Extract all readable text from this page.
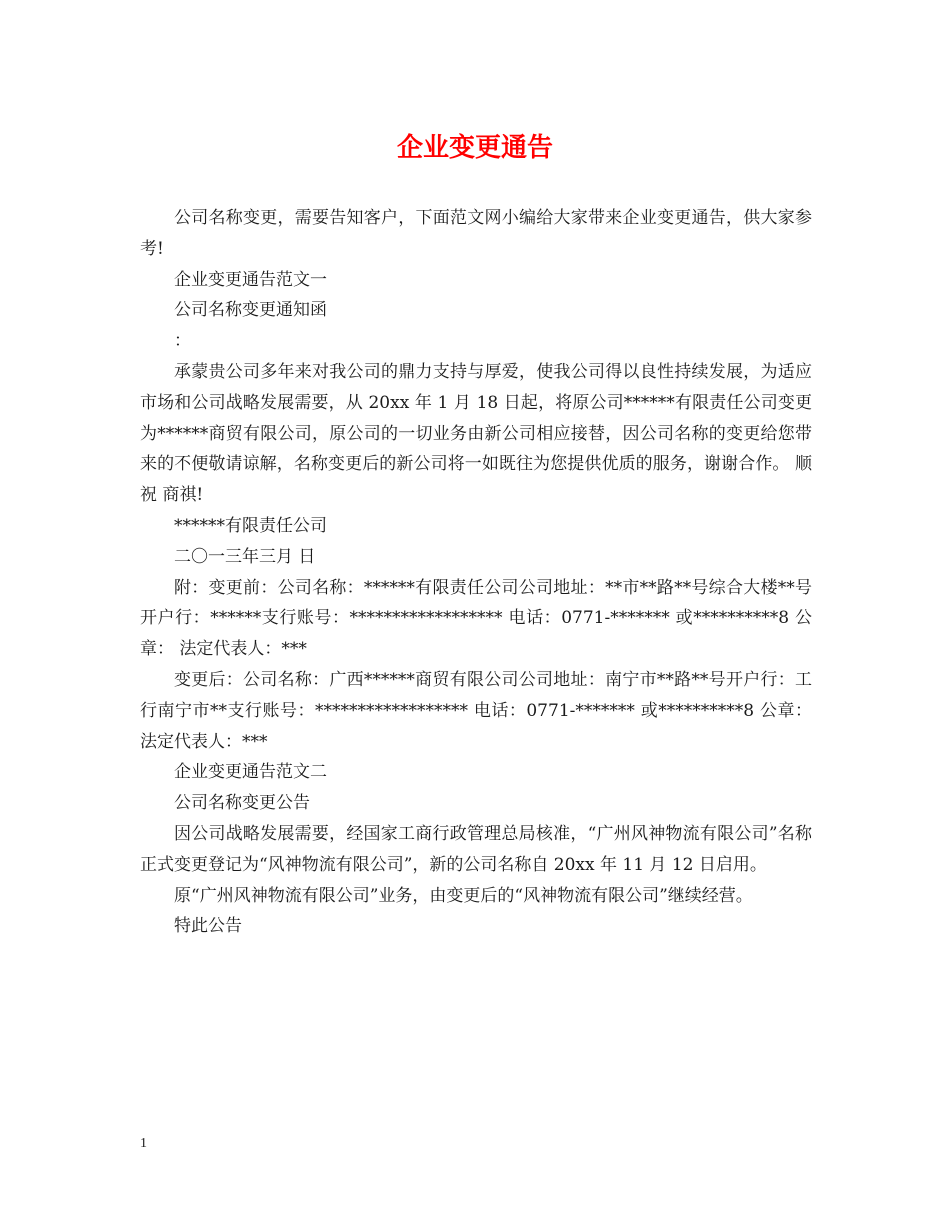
企业变更通告

公司名称变更，需要告知客户，下面范文网小编给大家带来企业变更通告，供大家参考!

企业变更通告范文一

公司名称变更通知函

：

承蒙贵公司多年来对我公司的鼎力支持与厚爱，使我公司得以良性持续发展，为适应市场和公司战略发展需要，从 20xx 年 1 月 18 日起，将原公司******有限责任公司变更为******商贸有限公司，原公司的一切业务由新公司相应接替，因公司名称的变更给您带来的不便敬请谅解，名称变更后的新公司将一如既往为您提供优质的服务，谢谢合作。 顺祝 商祺!

******有限责任公司

二〇一三年三月 日

附：变更前：公司名称：******有限责任公司公司地址：**市**路**号综合大楼**号开户行：******支行账号：****************** 电话：0771-******* 或**********8 公章： 法定代表人：***

变更后：公司名称：广西******商贸有限公司公司地址：南宁市**路**号开户行：工行南宁市**支行账号：****************** 电话：0771-******* 或**********8 公章： 法定代表人：***

企业变更通告范文二

公司名称变更公告

因公司战略发展需要，经国家工商行政管理总局核准，“广州风神物流有限公司”名称正式变更登记为“风神物流有限公司”，新的公司名称自 20xx 年 11 月 12 日启用。

原“广州风神物流有限公司”业务，由变更后的“风神物流有限公司”继续经营。

特此公告

1
